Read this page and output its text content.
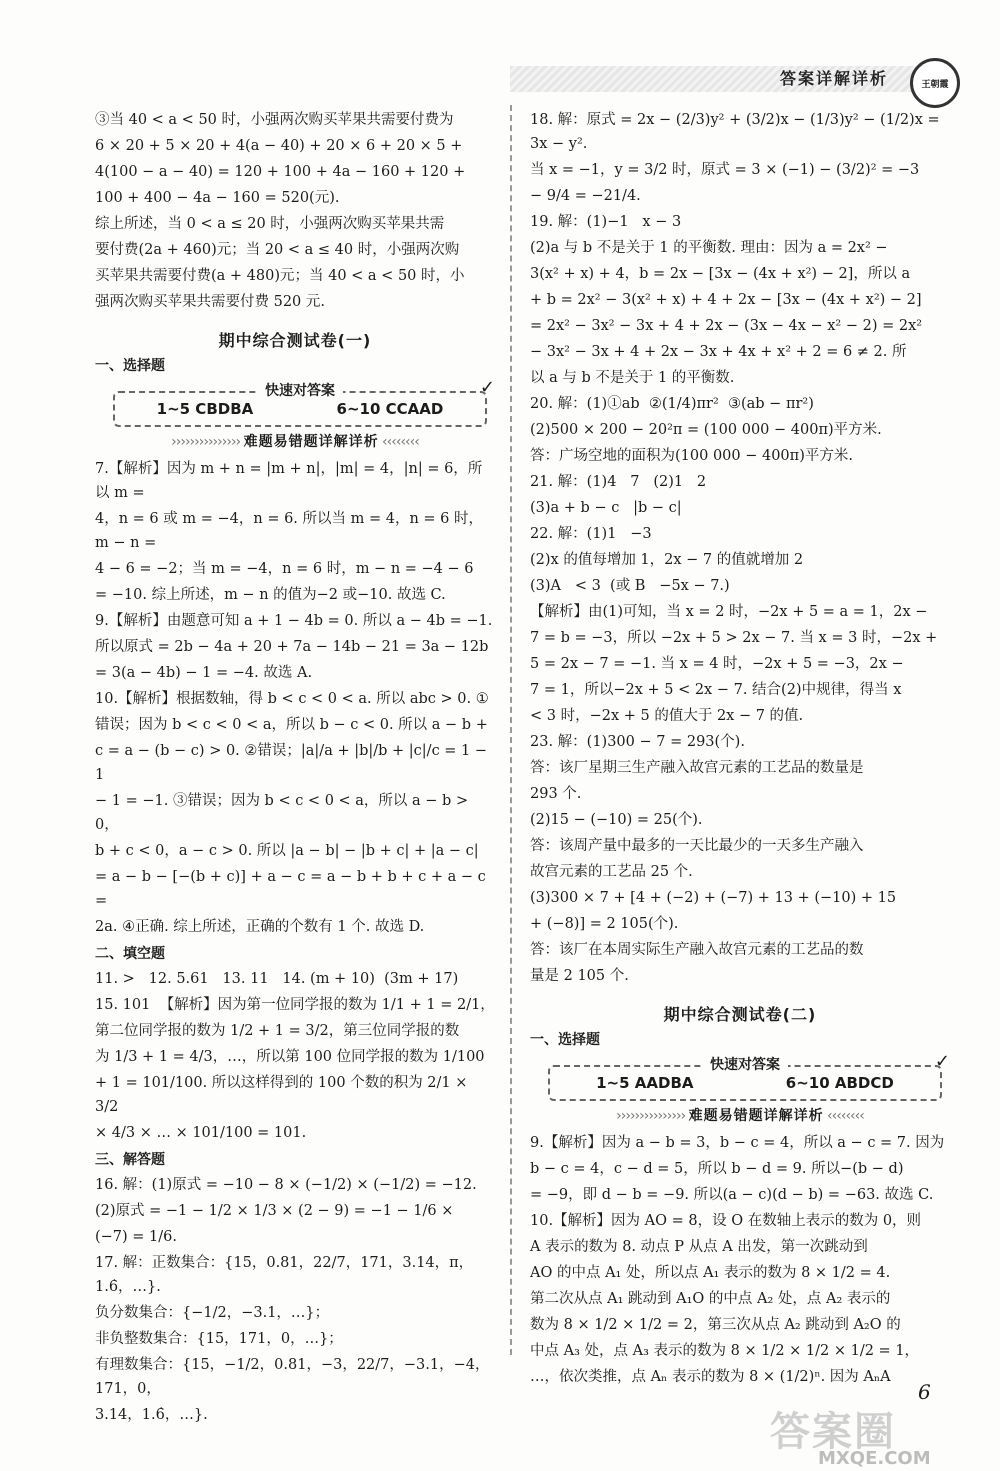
答案详解详析	王朝霞
③当 40 < a < 50 时，小强两次购买苹果共需要付费为
6 × 20 + 5 × 20 + 4(a − 40) + 20 × 6 + 20 × 5 +
4(100 − a − 40) = 120 + 100 + 4a − 160 + 120 +
100 + 400 − 4a − 160 = 520(元).
综上所述，当 0 < a ≤ 20 时，小强两次购买苹果共需
要付费(2a + 460)元；当 20 < a ≤ 40 时，小强两次购
买苹果共需要付费(a + 480)元；当 40 < a < 50 时，小
强两次购买苹果共需要付费 520 元.
期中综合测试卷(一)
一、选择题
快速对答案
1~5 CBDBA	6~10 CCAAD
✓
››››››››››››››› 难题易错题详解详析 ‹‹‹‹‹‹‹‹
7.【解析】因为 m + n = |m + n|，|m| = 4，|n| = 6，所以 m =
4，n = 6 或 m = −4，n = 6. 所以当 m = 4，n = 6 时，m − n =
4 − 6 = −2；当 m = −4，n = 6 时，m − n = −4 − 6
= −10. 综上所述，m − n 的值为−2 或−10. 故选 C.
9.【解析】由题意可知 a + 1 − 4b = 0. 所以 a − 4b = −1.
所以原式 = 2b − 4a + 20 + 7a − 14b − 21 = 3a − 12b
= 3(a − 4b) − 1 = −4. 故选 A.
10.【解析】根据数轴，得 b < c < 0 < a. 所以 abc > 0. ①
错误；因为 b < c < 0 < a，所以 b − c < 0. 所以 a − b +
c = a − (b − c) > 0. ②错误；|a|/a + |b|/b + |c|/c = 1 − 1
− 1 = −1. ③错误；因为 b < c < 0 < a，所以 a − b > 0，
b + c < 0，a − c > 0. 所以 |a − b| − |b + c| + |a − c|
= a − b − [−(b + c)] + a − c = a − b + b + c + a − c =
2a. ④正确. 综上所述，正确的个数有 1 个. 故选 D.
二、填空题
11. >   12. 5.61   13. 11   14. (m + 10)  (3m + 17)
15. 101  【解析】因为第一位同学报的数为 1/1 + 1 = 2/1，
第二位同学报的数为 1/2 + 1 = 3/2，第三位同学报的数
为 1/3 + 1 = 4/3，…，所以第 100 位同学报的数为 1/100
+ 1 = 101/100. 所以这样得到的 100 个数的积为 2/1 × 3/2
× 4/3 × … × 101/100 = 101.
三、解答题
16. 解：(1)原式 = −10 − 8 × (−1/2) × (−1/2) = −12.
(2)原式 = −1 − 1/2 × 1/3 × (2 − 9) = −1 − 1/6 ×
(−7) = 1/6.
17. 解：正数集合：{15，0.81，22/7，171，3.14，π，1.6̇，…}.
负分数集合：{−1/2，−3.1，…}；
非负整数集合：{15，171，0，…}；
有理数集合：{15，−1/2，0.81，−3，22/7，−3.1，−4，171，0，
3.14，1.6̇，…}.
18. 解：原式 = 2x − (2/3)y² + (3/2)x − (1/3)y² − (1/2)x = 3x − y².
当 x = −1，y = 3/2 时，原式 = 3 × (−1) − (3/2)² = −3
− 9/4 = −21/4.
19. 解：(1)−1   x − 3
(2)a 与 b 不是关于 1 的平衡数. 理由：因为 a = 2x² −
3(x² + x) + 4，b = 2x − [3x − (4x + x²) − 2]，所以 a
+ b = 2x² − 3(x² + x) + 4 + 2x − [3x − (4x + x²) − 2]
= 2x² − 3x² − 3x + 4 + 2x − (3x − 4x − x² − 2) = 2x²
− 3x² − 3x + 4 + 2x − 3x + 4x + x² + 2 = 6 ≠ 2. 所
以 a 与 b 不是关于 1 的平衡数.
20. 解：(1)①ab  ②(1/4)πr²  ③(ab − πr²)
(2)500 × 200 − 20²π = (100 000 − 400π)平方米.
答：广场空地的面积为(100 000 − 400π)平方米.
21. 解：(1)4   7   (2)1   2
(3)a + b − c   |b − c|
22. 解：(1)1   −3
(2)x 的值每增加 1，2x − 7 的值就增加 2
(3)A   < 3  (或 B   −5x − 7.)
【解析】由(1)可知，当 x = 2 时，−2x + 5 = a = 1，2x −
7 = b = −3，所以 −2x + 5 > 2x − 7. 当 x = 3 时，−2x +
5 = 2x − 7 = −1. 当 x = 4 时，−2x + 5 = −3，2x −
7 = 1，所以−2x + 5 < 2x − 7. 结合(2)中规律，得当 x
< 3 时，−2x + 5 的值大于 2x − 7 的值.
23. 解：(1)300 − 7 = 293(个).
答：该厂星期三生产融入故宫元素的工艺品的数量是
293 个.
(2)15 − (−10) = 25(个).
答：该周产量中最多的一天比最少的一天多生产融入
故宫元素的工艺品 25 个.
(3)300 × 7 + [4 + (−2) + (−7) + 13 + (−10) + 15
+ (−8)] = 2 105(个).
答：该厂在本周实际生产融入故宫元素的工艺品的数
量是 2 105 个.
期中综合测试卷(二)
一、选择题
快速对答案
1~5 AADBA	6~10 ABDCD
✓
››››››››››››››› 难题易错题详解详析 ‹‹‹‹‹‹‹‹
9.【解析】因为 a − b = 3，b − c = 4，所以 a − c = 7. 因为
b − c = 4，c − d = 5，所以 b − d = 9. 所以−(b − d)
= −9，即 d − b = −9. 所以(a − c)(d − b) = −63. 故选 C.
10.【解析】因为 AO = 8，设 O 在数轴上表示的数为 0，则
A 表示的数为 8. 动点 P 从点 A 出发，第一次跳动到
AO 的中点 A₁ 处，所以点 A₁ 表示的数为 8 × 1/2 = 4.
第二次从点 A₁ 跳动到 A₁O 的中点 A₂ 处，点 A₂ 表示的
数为 8 × 1/2 × 1/2 = 2，第三次从点 A₂ 跳动到 A₂O 的
中点 A₃ 处，点 A₃ 表示的数为 8 × 1/2 × 1/2 × 1/2 = 1，
…，依次类推，点 Aₙ 表示的数为 8 × (1/2)ⁿ. 因为 AₙA
6
答案圈
MXQE.COM
